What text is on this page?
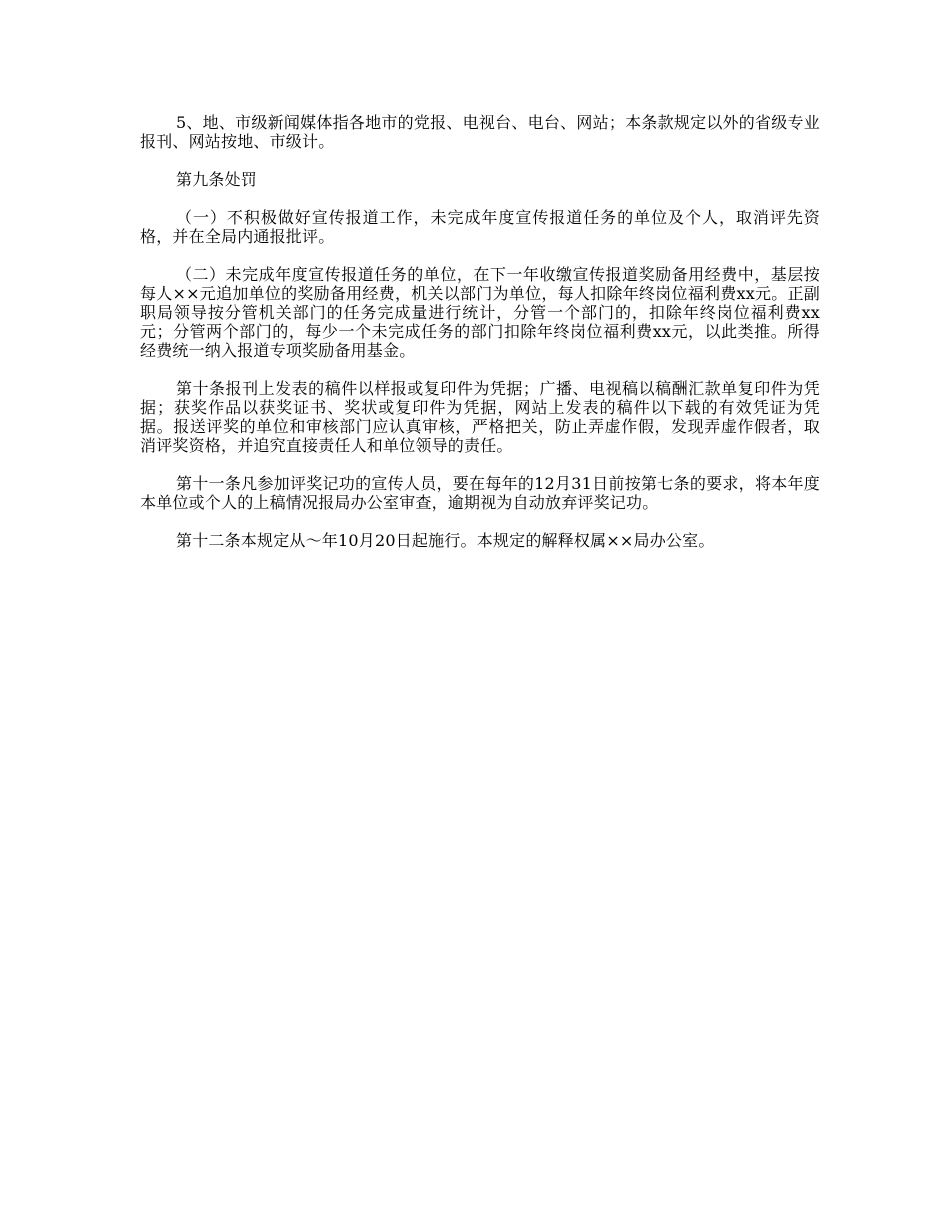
5、地、市级新闻媒体指各地市的党报、电视台、电台、网站；本条款规定以外的省级专业报刊、网站按地、市级计。

第九条处罚

（一）不积极做好宣传报道工作，未完成年度宣传报道任务的单位及个人，取消评先资格，并在全局内通报批评。

（二）未完成年度宣传报道任务的单位，在下一年收缴宣传报道奖励备用经费中，基层按每人××元追加单位的奖励备用经费，机关以部门为单位，每人扣除年终岗位福利费xx元。正副职局领导按分管机关部门的任务完成量进行统计，分管一个部门的，扣除年终岗位福利费xx元；分管两个部门的，每少一个未完成任务的部门扣除年终岗位福利费xx元，以此类推。所得经费统一纳入报道专项奖励备用基金。

第十条报刊上发表的稿件以样报或复印件为凭据；广播、电视稿以稿酬汇款单复印件为凭据；获奖作品以获奖证书、奖状或复印件为凭据，网站上发表的稿件以下载的有效凭证为凭据。报送评奖的单位和审核部门应认真审核，严格把关，防止弄虚作假，发现弄虚作假者，取消评奖资格，并追究直接责任人和单位领导的责任。

第十一条凡参加评奖记功的宣传人员，要在每年的12月31日前按第七条的要求，将本年度本单位或个人的上稿情况报局办公室审查，逾期视为自动放弃评奖记功。

第十二条本规定从～年10月20日起施行。本规定的解释权属××局办公室。
